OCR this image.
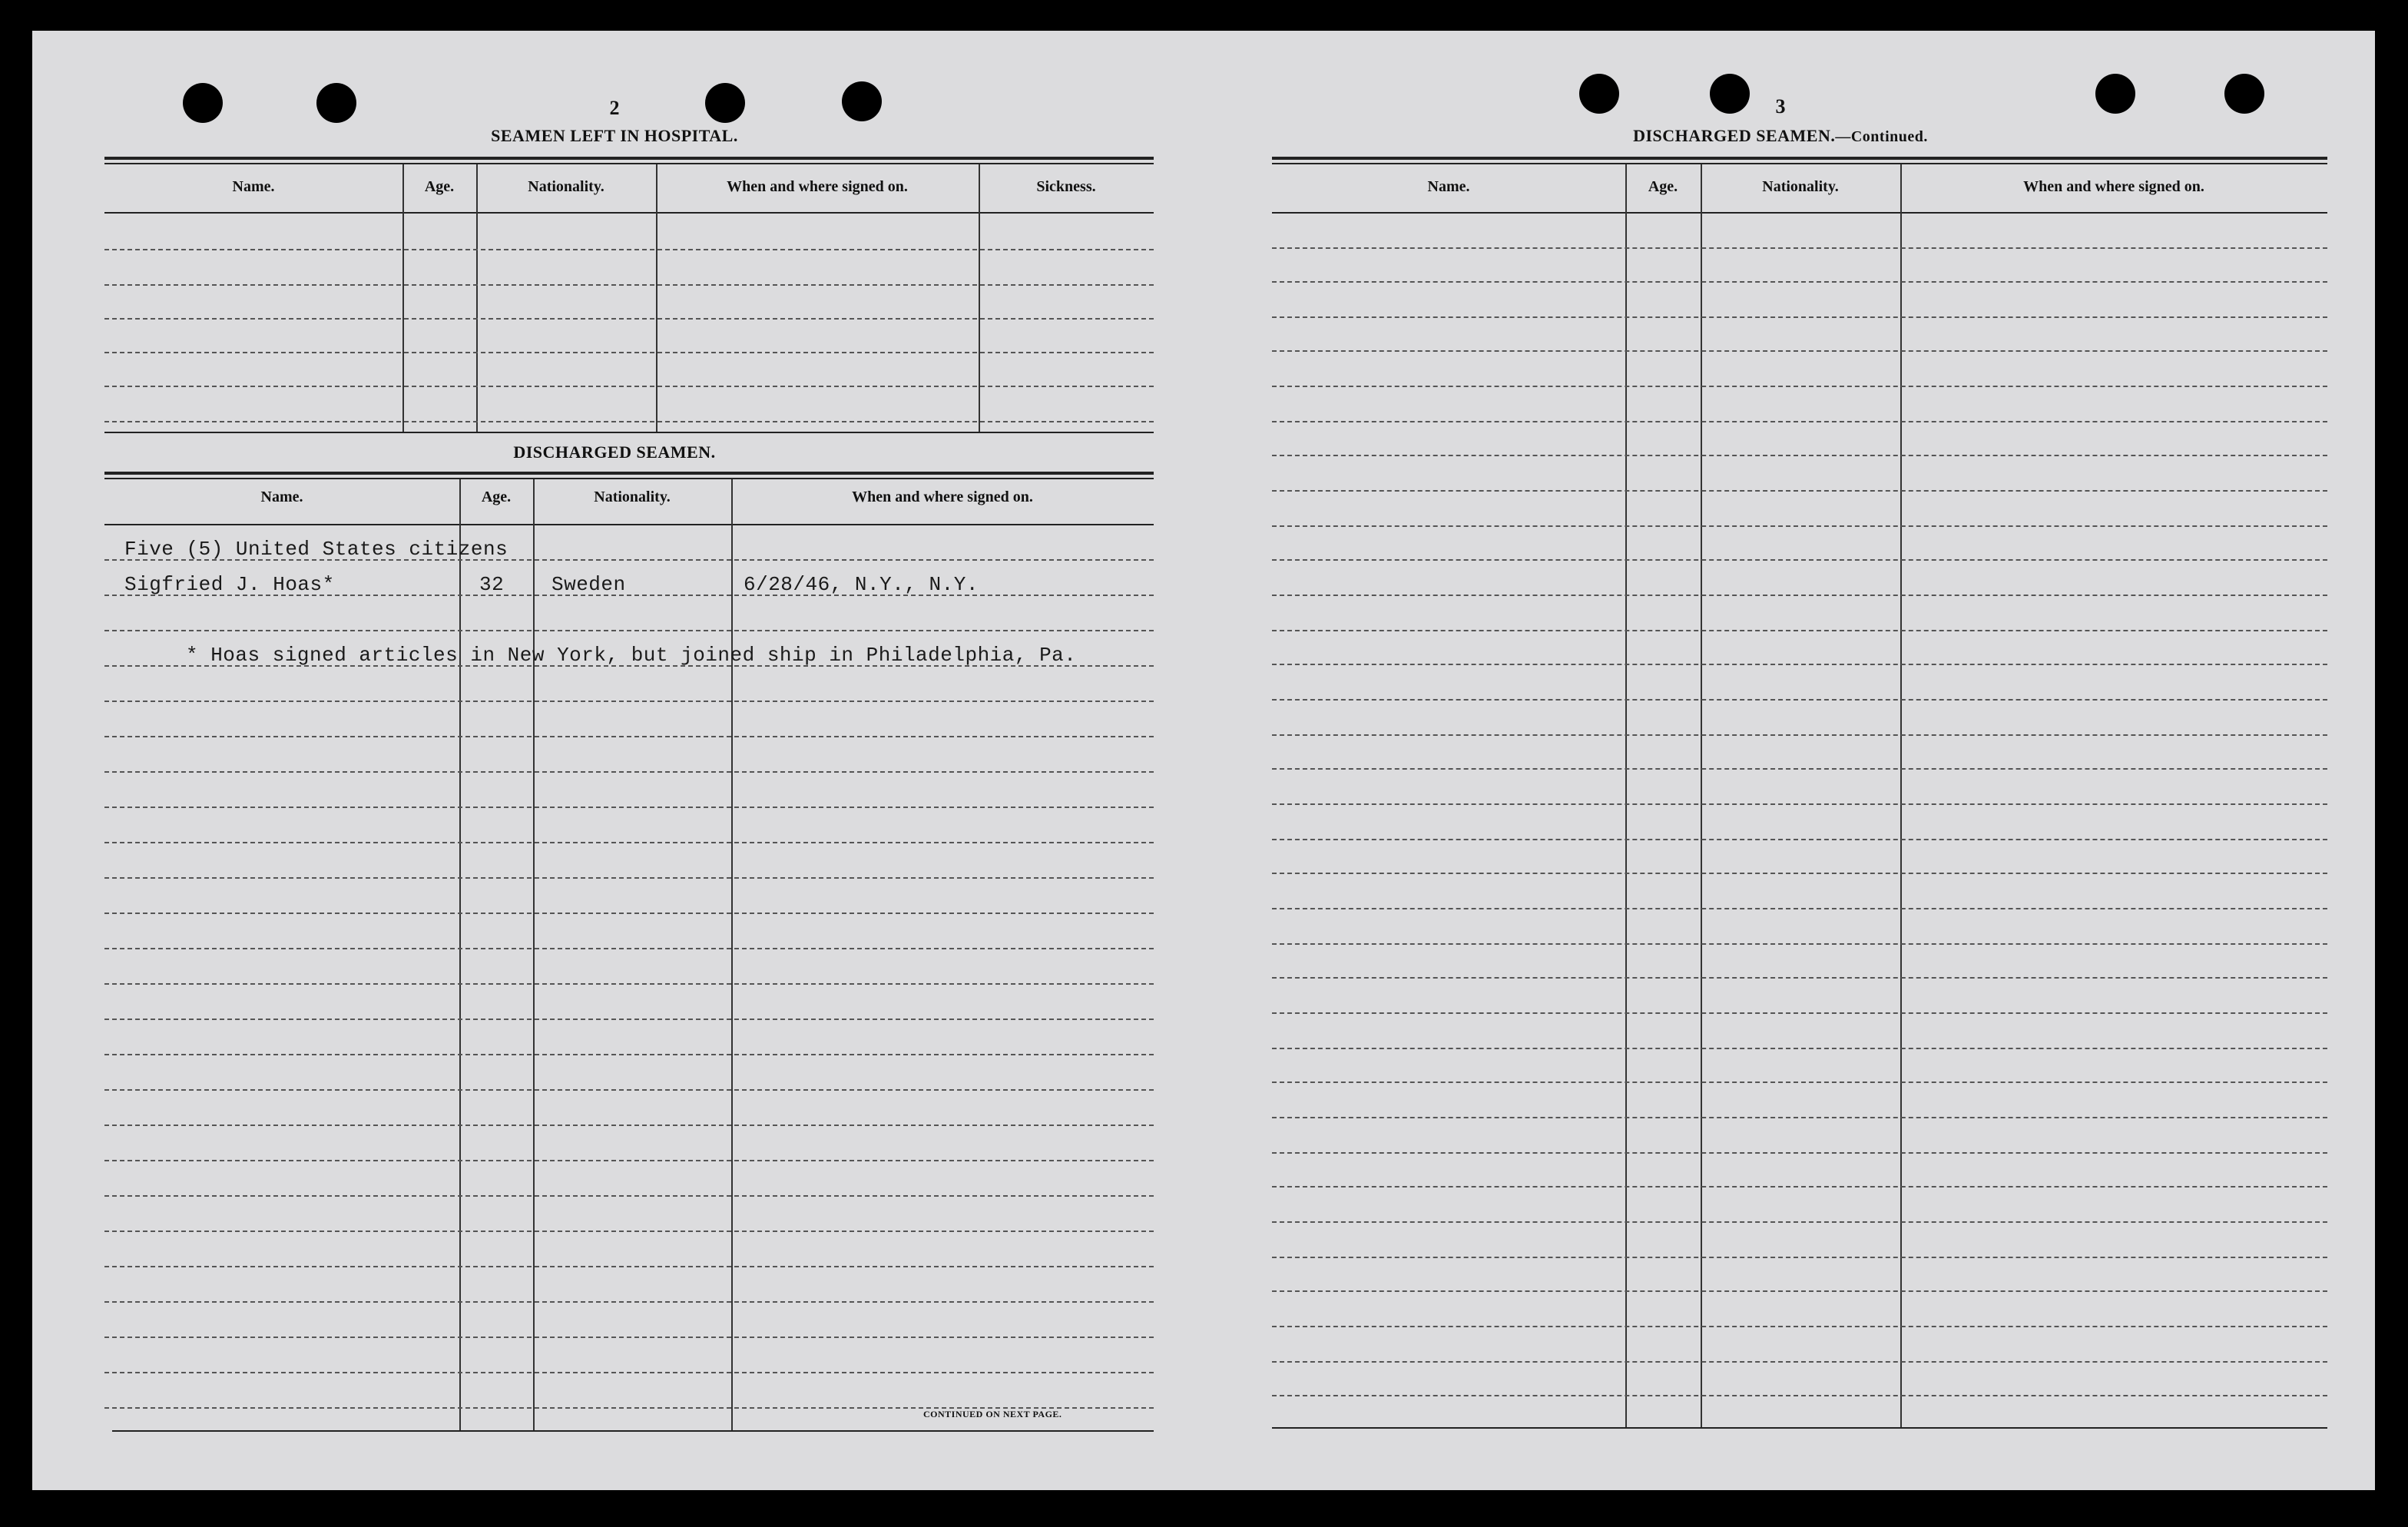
2
SEAMEN LEFT IN HOSPITAL.
Name.	Age.	Nationality.	When and where signed on.	Sickness.
DISCHARGED SEAMEN.
Name.	Age.	Nationality.	When and where signed on.
Five (5) United States citizens
Sigfried J. Hoas*	32 Sweden	6/28/46, N.Y., N.Y.
* Hoas signed articles in New York, but joined ship in Philadelphia, Pa.
CONTINUED ON NEXT PAGE.
3
DISCHARGED SEAMEN.—Continued.
Name.	Age.	Nationality.	When and where signed on.
